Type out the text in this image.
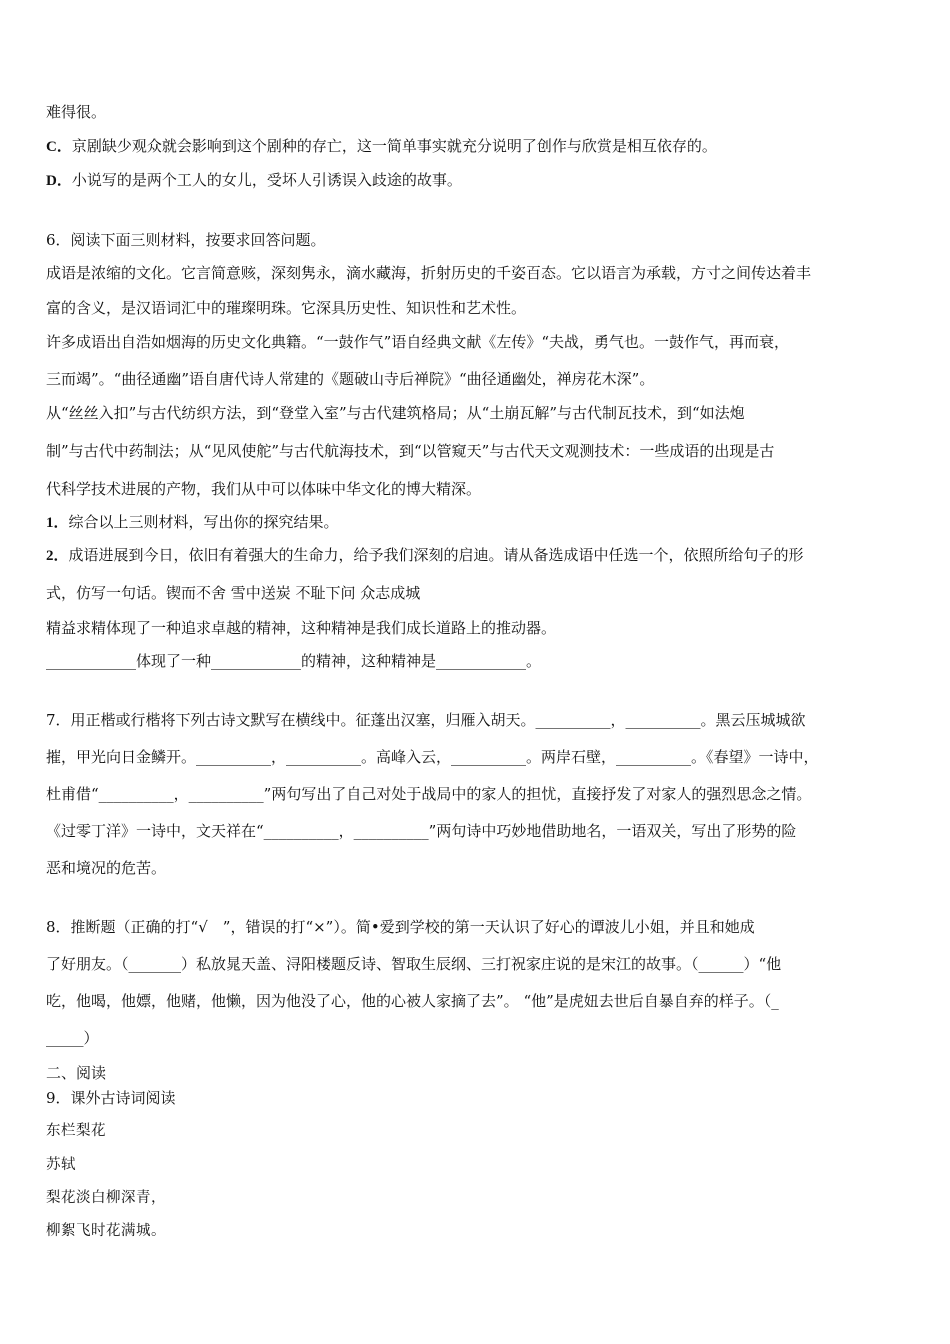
难得很。
C．京剧缺少观众就会影响到这个剧种的存亡，这一简单事实就充分说明了创作与欣赏是相互依存的。
D．小说写的是两个工人的女儿，受坏人引诱误入歧途的故事。
6．阅读下面三则材料，按要求回答问题。
成语是浓缩的文化。它言简意赅，深刻隽永，滴水藏海，折射历史的千姿百态。它以语言为承载，方寸之间传达着丰
富的含义，是汉语词汇中的璀璨明珠。它深具历史性、知识性和艺术性。
许多成语出自浩如烟海的历史文化典籍。“一鼓作气”语自经典文献《左传》“夫战，勇气也。一鼓作气，再而衰，
三而竭”。“曲径通幽”语自唐代诗人常建的《题破山寺后禅院》“曲径通幽处，禅房花木深”。
从“丝丝入扣”与古代纺织方法，到“登堂入室”与古代建筑格局；从“土崩瓦解”与古代制瓦技术，到“如法炮
制”与古代中药制法；从“见风使舵”与古代航海技术，到“以管窥天”与古代天文观测技术：一些成语的出现是古
代科学技术进展的产物，我们从中可以体味中华文化的博大精深。
1．综合以上三则材料，写出你的探究结果。
2．成语进展到今日，依旧有着强大的生命力，给予我们深刻的启迪。请从备选成语中任选一个，依照所给句子的形
式，仿写一句话。锲而不舍 雪中送炭 不耻下问 众志成城
精益求精体现了一种追求卓越的精神，这种精神是我们成长道路上的推动器。
____________体现了一种____________的精神，这种精神是____________。
7．用正楷或行楷将下列古诗文默写在横线中。征蓬出汉塞，归雁入胡天。__________，__________。黑云压城城欲
摧，甲光向日金鳞开。__________，__________。高峰入云，__________。两岸石壁，__________。《春望》一诗中，
杜甫借“__________，__________”两句写出了自己对处于战局中的家人的担忧，直接抒发了对家人的强烈思念之情。
《过零丁洋》一诗中，文天祥在“__________，__________”两句诗中巧妙地借助地名，一语双关，写出了形势的险
恶和境况的危苦。
8．推断题（正确的打“√　”，错误的打“×”）。简•爱到学校的第一天认识了好心的谭波儿小姐，并且和她成
了好朋友。（_______）私放晁天盖、浔阳楼题反诗、智取生辰纲、三打祝家庄说的是宋江的故事。（______）“他
吃，他喝，他嫖，他赌，他懒，因为他没了心，他的心被人家摘了去”。 “他”是虎妞去世后自暴自弃的样子。（_
_____）
二、阅读
9．课外古诗词阅读
东栏梨花
苏轼
梨花淡白柳深青，
柳絮飞时花满城。
